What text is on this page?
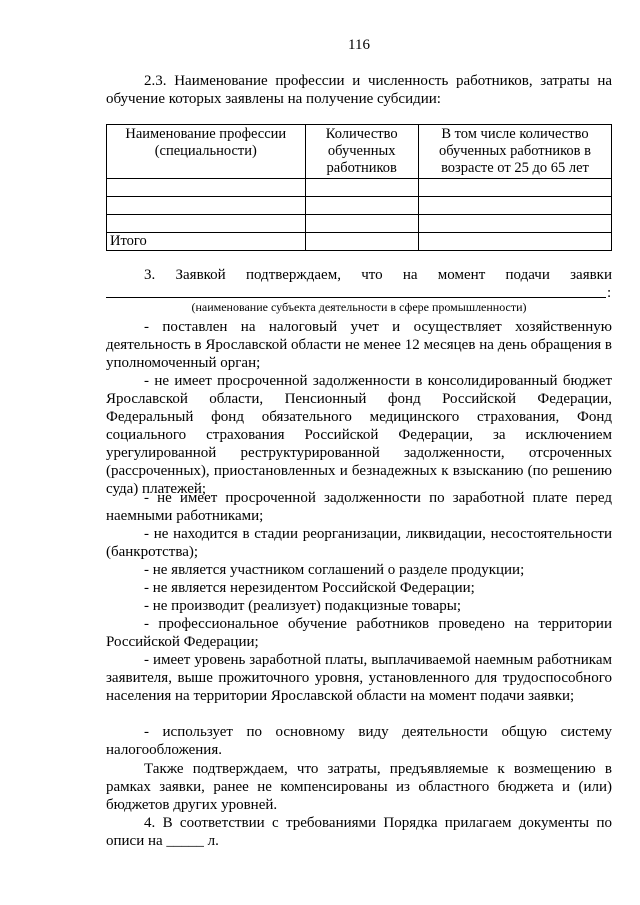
116
2.3. Наименование профессии и численность работников, затраты на обучение которых заявлены на получение субсидии:
Наименование профессии (специальности)	Количество обученных работников	В том числе количество обученных работников в возрасте от 25 до 65 лет

Итого		
3. Заявкой подтверждаем, что на момент подачи заявки
:
(наименование субъекта деятельности в сфере промышленности)
- поставлен на налоговый учет и осуществляет хозяйственную деятельность в Ярославской области не менее 12 месяцев на день обращения в уполномоченный орган;
- не имеет просроченной задолженности в консолидированный бюджет Ярославской области, Пенсионный фонд Российской Федерации, Федеральный фонд обязательного медицинского страхования, Фонд социального страхования Российской Федерации, за исключением урегулированной реструктурированной задолженности, отсроченных (рассроченных), приостановленных и безнадежных к взысканию (по решению суда) платежей;
- не имеет просроченной задолженности по заработной плате перед наемными работниками;
- не находится в стадии реорганизации, ликвидации, несостоятельности (банкротства);
- не является участником соглашений о разделе продукции;
- не является нерезидентом Российской Федерации;
- не производит (реализует) подакцизные товары;
- профессиональное обучение работников проведено на территории Российской Федерации;
- имеет уровень заработной платы, выплачиваемой наемным работникам заявителя, выше прожиточного уровня, установленного для трудоспособного населения на территории Ярославской области на момент подачи заявки;
- использует по основному виду деятельности общую систему налогообложения.
Также подтверждаем, что затраты, предъявляемые к возмещению в рамках заявки, ранее не компенсированы из областного бюджета и (или) бюджетов других уровней.
4. В соответствии с требованиями Порядка прилагаем документы по описи на _____ л.
